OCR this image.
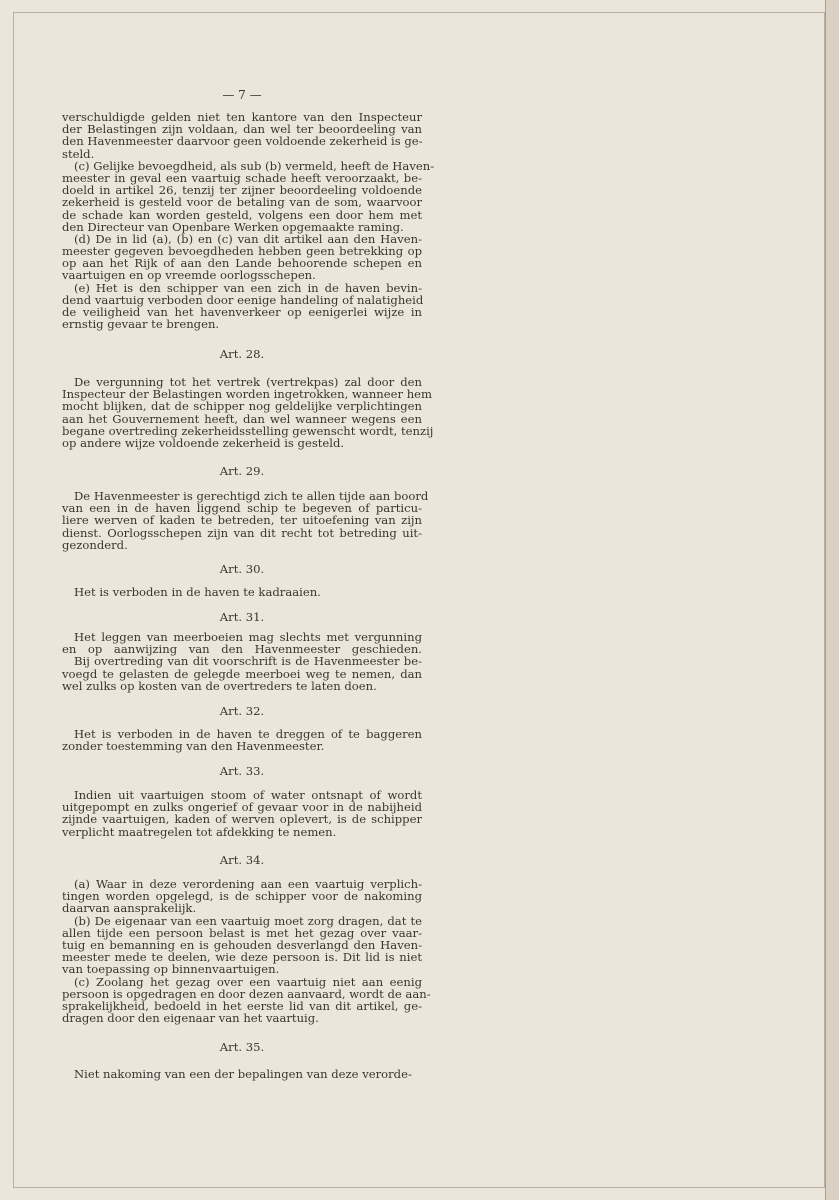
— 7 —
verschuldigde gelden niet ten kantore van den Inspecteur
der Belastingen zijn voldaan, dan wel ter beoordeeling van
den Havenmeester daarvoor geen voldoende zekerheid is ge-
steld.
(c) Gelijke bevoegdheid, als sub (b) vermeld, heeft de Haven-
meester in geval een vaartuig schade heeft veroorzaakt, be-
doeld in artikel 26, tenzij ter zijner beoordeeling voldoende
zekerheid is gesteld voor de betaling van de som, waarvoor
de schade kan worden gesteld, volgens een door hem met
den Directeur van Openbare Werken opgemaakte raming.
(d) De in lid (a), (b) en (c) van dit artikel aan den Haven-
meester gegeven bevoegdheden hebben geen betrekking op
op aan het Rijk of aan den Lande behoorende schepen en
vaartuigen en op vreemde oorlogsschepen.
(e) Het is den schipper van een zich in de haven bevin-
dend vaartuig verboden door eenige handeling of nalatigheid
de veiligheid van het havenverkeer op eenigerlei wijze in
ernstig gevaar te brengen.
Art. 28.
De vergunning tot het vertrek (vertrekpas) zal door den
Inspecteur der Belastingen worden ingetrokken, wanneer hem
mocht blijken, dat de schipper nog geldelijke verplichtingen
aan het Gouvernement heeft, dan wel wanneer wegens een
begane overtreding zekerheidsstelling gewenscht wordt, tenzij
op andere wijze voldoende zekerheid is gesteld.
Art. 29.
De Havenmeester is gerechtigd zich te allen tijde aan boord
van een in de haven liggend schip te begeven of particu-
liere werven of kaden te betreden, ter uitoefening van zijn
dienst. Oorlogsschepen zijn van dit recht tot betreding uit-
gezonderd.
Art. 30.
Het is verboden in de haven te kadraaien.
Art. 31.
Het leggen van meerboeien mag slechts met vergunning
en op aanwijzing van den Havenmeester geschieden.
Bij overtreding van dit voorschrift is de Havenmeester be-
voegd te gelasten de gelegde meerboei weg te nemen, dan
wel zulks op kosten van de overtreders te laten doen.
Art. 32.
Het is verboden in de haven te dreggen of te baggeren
zonder toestemming van den Havenmeester.
Art. 33.
Indien uit vaartuigen stoom of water ontsnapt of wordt
uitgepompt en zulks ongerief of gevaar voor in de nabijheid
zijnde vaartuigen, kaden of werven oplevert, is de schipper
verplicht maatregelen tot afdekking te nemen.
Art. 34.
(a) Waar in deze verordening aan een vaartuig verplich-
tingen worden opgelegd, is de schipper voor de nakoming
daarvan aansprakelijk.
(b) De eigenaar van een vaartuig moet zorg dragen, dat te
allen tijde een persoon belast is met het gezag over vaar-
tuig en bemanning en is gehouden desverlangd den Haven-
meester mede te deelen, wie deze persoon is. Dit lid is niet
van toepassing op binnenvaartuigen.
(c) Zoolang het gezag over een vaartuig niet aan eenig
persoon is opgedragen en door dezen aanvaard, wordt de aan-
sprakelijkheid, bedoeld in het eerste lid van dit artikel, ge-
dragen door den eigenaar van het vaartuig.
Art. 35.
Niet nakoming van een der bepalingen van deze verorde-
